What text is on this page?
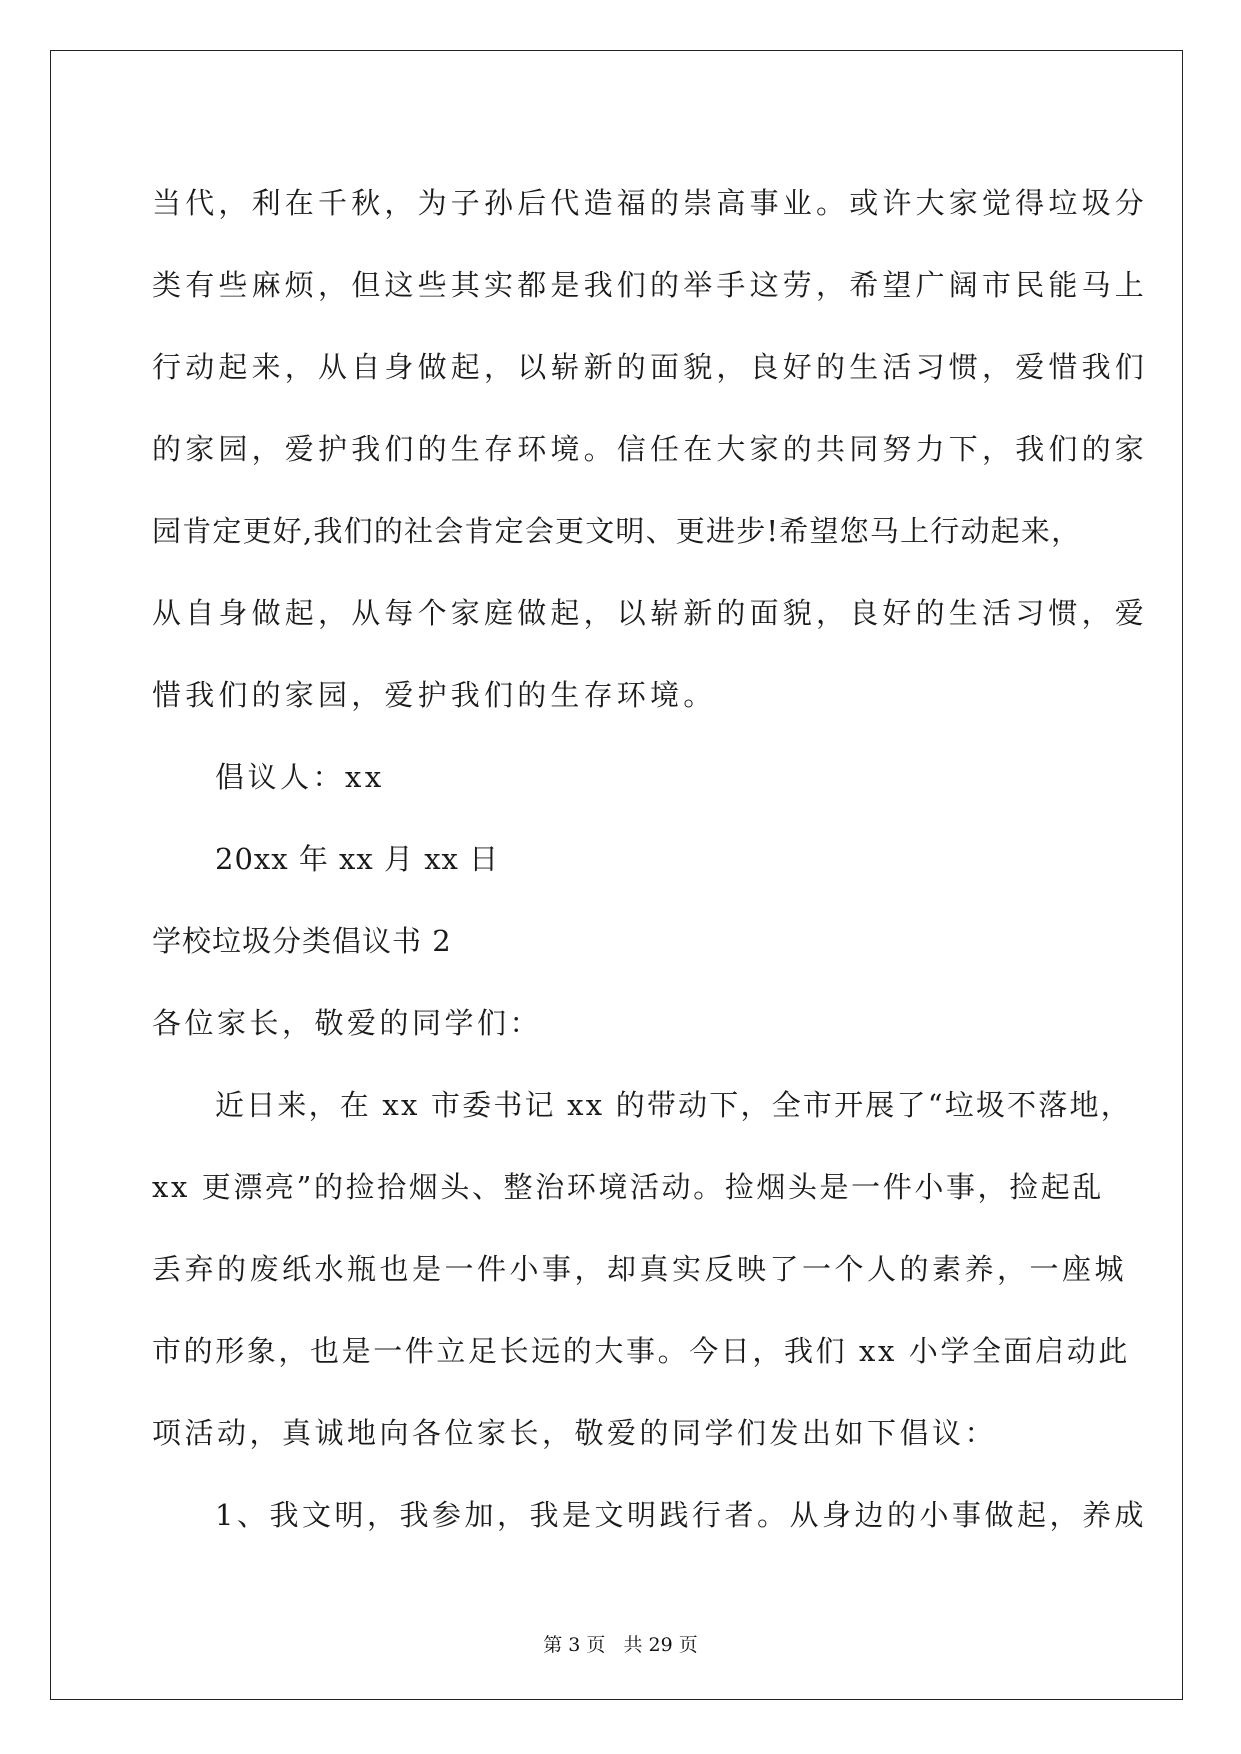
当代，利在千秋，为子孙后代造福的崇高事业。或许大家觉得垃圾分
类有些麻烦，但这些其实都是我们的举手这劳，希望广阔市民能马上
行动起来，从自身做起，以崭新的面貌，良好的生活习惯，爱惜我们
的家园，爱护我们的生存环境。信任在大家的共同努力下，我们的家
园肯定更好,我们的社会肯定会更文明、更进步!希望您马上行动起来，
从自身做起，从每个家庭做起，以崭新的面貌，良好的生活习惯，爱
惜我们的家园，爱护我们的生存环境。
倡议人：xx
20xx 年 xx 月 xx 日
学校垃圾分类倡议书 2
各位家长，敬爱的同学们：
近日来，在 xx 市委书记 xx 的带动下，全市开展了“垃圾不落地，
xx 更漂亮”的捡拾烟头、整治环境活动。捡烟头是一件小事，捡起乱
丢弃的废纸水瓶也是一件小事，却真实反映了一个人的素养，一座城
市的形象，也是一件立足长远的大事。今日，我们 xx 小学全面启动此
项活动，真诚地向各位家长，敬爱的同学们发出如下倡议：
1、我文明，我参加，我是文明践行者。从身边的小事做起，养成
第 3 页 共 29 页
